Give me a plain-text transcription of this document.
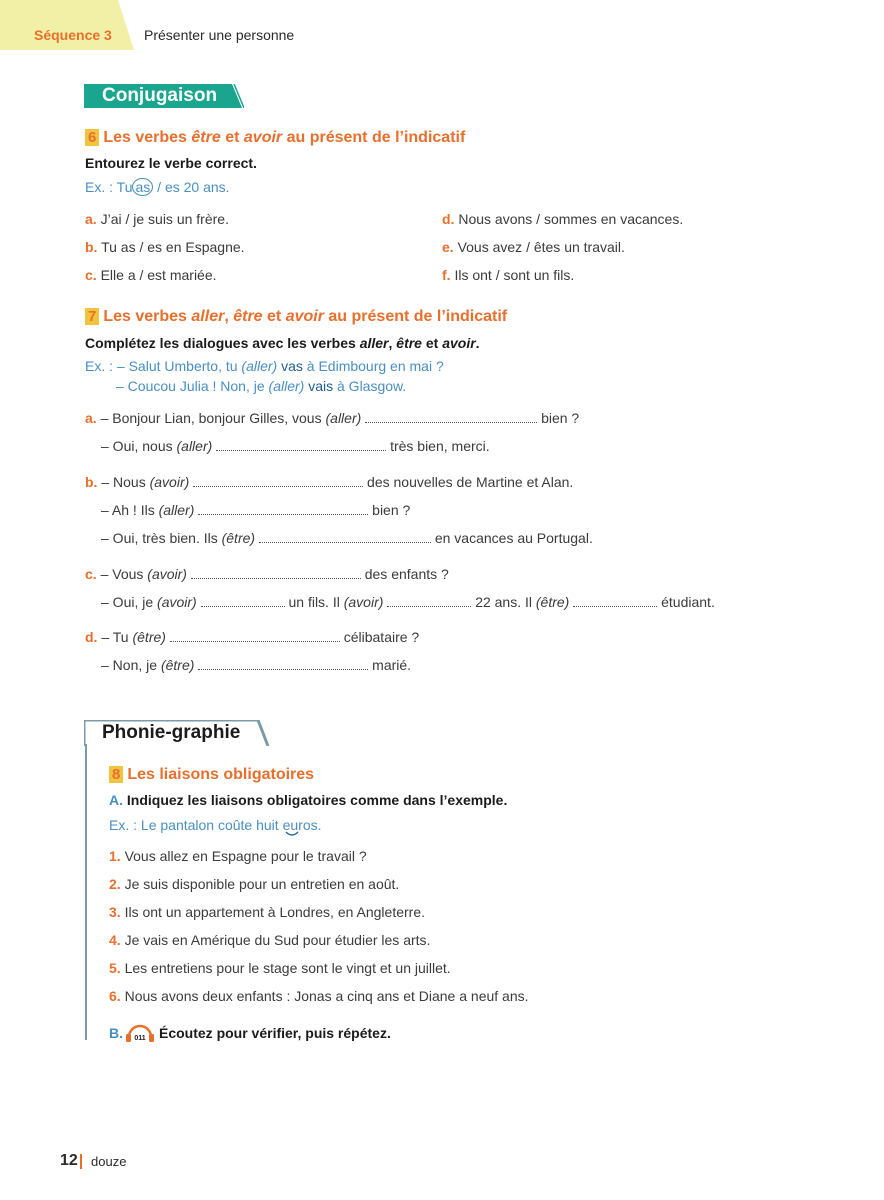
Séquence 3 Présenter une personne
Conjugaison
6 Les verbes être et avoir au présent de l’indicatif
Entourez le verbe correct.
Ex. : Tu as / es 20 ans.
a. J’ai / je suis un frère.
b. Tu as / es en Espagne.
c. Elle a / est mariée.
d. Nous avons / sommes en vacances.
e. Vous avez / êtes un travail.
f. Ils ont / sont un fils.
7 Les verbes aller, être et avoir au présent de l’indicatif
Complétez les dialogues avec les verbes aller, être et avoir.
Ex. : – Salut Umberto, tu (aller) vas à Edimbourg en mai ?
– Coucou Julia ! Non, je (aller) vais à Glasgow.
a. – Bonjour Lian, bonjour Gilles, vous (aller)	bien ?
– Oui, nous (aller)	très bien, merci.
b. – Nous (avoir)	des nouvelles de Martine et Alan.
– Ah ! Ils (aller)	bien ?
– Oui, très bien. Ils (être)	en vacances au Portugal.
c. – Vous (avoir)	des enfants ?
– Oui, je (avoir)	un fils. Il (avoir)	22 ans. Il (être)	étudiant.
d. – Tu (être)	célibataire ?
– Non, je (être)	marié.
Phonie-graphie
8 Les liaisons obligatoires
A. Indiquez les liaisons obligatoires comme dans l’exemple.
Ex. : Le pantalon coûte huit e
uros.
1. Vous allez en Espagne pour le travail ?
2. Je suis disponible pour un entretien en août.
3. Ils ont un appartement à Londres, en Angleterre.
4. Je vais en Amérique du Sud pour étudier les arts.
5. Les entretiens pour le stage sont le vingt et un juillet.
6. Nous avons deux enfants : Jonas a cinq ans et Diane a neuf ans.
B. 011 Écoutez pour vérifier, puis répétez.
12 douze
